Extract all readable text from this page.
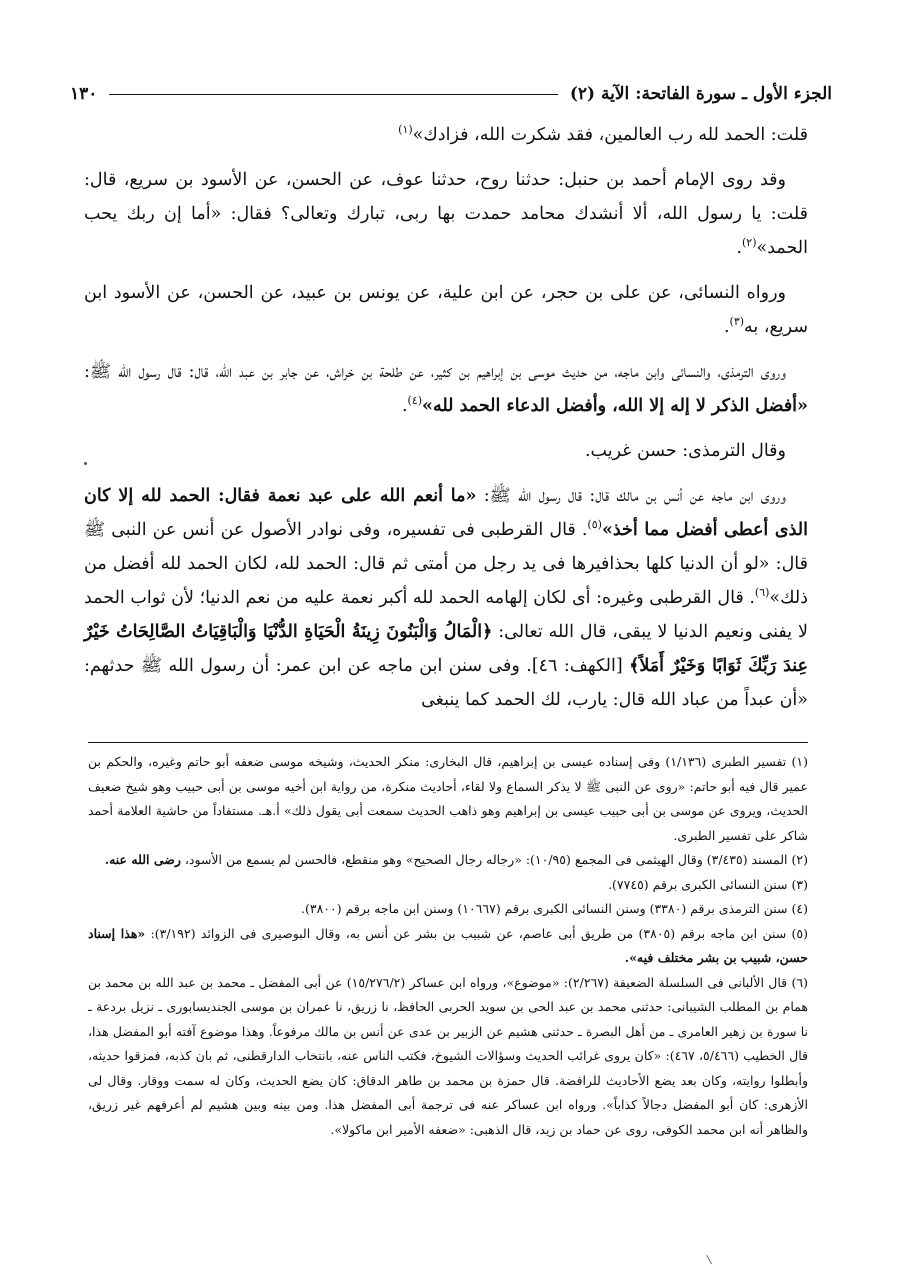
الجزء الأول ـ سورة الفاتحة: الآية (٢)
١٣٠

قلت: الحمد لله رب العالمين، فقد شكرت الله، فزادك»$^{(١)}$

وقد روى الإمام أحمد بن حنبل: حدثنا روح، حدثنا عوف، عن الحسن، عن الأسود بن سريع، قال: قلت: يا رسول الله، ألا أنشدك محامد حمدت بها ربى، تبارك وتعالى؟ فقال: «أما إن ربك يحب الحمد»$^{(٢)}$.

ورواه النسائى، عن على بن حجر، عن ابن علية، عن يونس بن عبيد، عن الحسن، عن الأسود ابن سريع، به$^{(٣)}$.

وروى الترمذى، والنسائى وابن ماجه، من حديث موسى بن إبراهيم بن كثير، عن طلحة بن خراش، عن جابر بن عبد الله، قال: قال رسول الله ﷺ: «أفضل الذكر لا إله إلا الله، وأفضل الدعاء الحمد لله»$^{(٤)}$.

وقال الترمذى: حسن غريب.

وروى ابن ماجه عن أنس بن مالك قال: قال رسول الله ﷺ: «ما أنعم الله على عبد نعمة فقال: الحمد لله إلا كان الذى أعطى أفضل مما أخذ»$^{(٥)}$. قال القرطبى فى تفسيره، وفى نوادر الأصول عن أنس عن النبى ﷺ قال: «لو أن الدنيا كلها بحذافيرها فى يد رجل من أمتى ثم قال: الحمد لله، لكان الحمد لله أفضل من ذلك»$^{(٦)}$. قال القرطبى وغيره: أى لكان إلهامه الحمد لله أكبر نعمة عليه من نعم الدنيا؛ لأن ثواب الحمد لا يفنى ونعيم الدنيا لا يبقى، قال الله تعالى: ﴿الْمَالُ وَالْبَنُونَ زِينَةُ الْحَيَاةِ الدُّنْيَا وَالْبَاقِيَاتُ الصَّالِحَاتُ خَيْرٌ عِندَ رَبِّكَ ثَوَابًا وَخَيْرٌ أَمَلاً﴾ [الكهف: ٤٦]. وفى سنن ابن ماجه عن ابن عمر: أن رسول الله ﷺ حدثهم: «أن عبداً من عباد الله قال: يارب، لك الحمد كما ينبغى

(١) تفسير الطبرى (١/١٣٦) وفى إسناده عيسى بن إبراهيم، قال البخارى: منكر الحديث، وشيخه موسى ضعفه أبو حاتم وغيره، والحكم بن عمير قال فيه أبو حاتم: «روى عن النبى ﷺ لا يذكر السماع ولا لقاء، أحاديث منكرة، من رواية ابن أخيه موسى بن أبى حبيب وهو شيخ ضعيف الحديث، ويروى عن موسى بن أبى حبيب عيسى بن إبراهيم وهو ذاهب الحديث سمعت أبى يقول ذلك» أ.هـ. مستفاداً من حاشية العلامة أحمد شاكر على تفسير الطبرى.

(٢) المسند (٣/٤٣٥) وقال الهيثمى فى المجمع (١٠/٩٥): «رجاله رجال الصحيح» وهو منقطع، فالحسن لم يسمع من الأسود، رضى الله عنه.

(٣) سنن النسائى الكبرى برقم (٧٧٤٥).

(٤) سنن الترمذى برقم (٣٣٨٠) وسنن النسائى الكبرى برقم (١٠٦٦٧) وسنن ابن ماجه برقم (٣٨٠٠).

(٥) سنن ابن ماجه برقم (٣٨٠٥) من طريق أبى عاصم، عن شبيب بن بشر عن أنس به، وقال البوصيرى فى الزوائد (٣/١٩٢): «هذا إسناد حسن، شبيب بن بشر مختلف فيه».

(٦) قال الألبانى فى السلسلة الضعيفة (٢/٢٦٧): «موضوع»، ورواه ابن عساكر (١٥/٢٧٦/٢) عن أبى المفضل ـ محمد بن عبد الله بن محمد بن همام بن المطلب الشيبانى: حدثنى محمد بن عبد الحى بن سويد الحربى الحافظ، نا زريق، نا عمران بن موسى الجنديسابورى ـ نزيل بردعة ـ نا سورة بن زهير العامرى ـ من أهل البصرة ـ حدثنى هشيم عن الزبير بن عدى عن أنس بن مالك مرفوعاً. وهذا موضوع آفته أبو المفضل هذا، قال الخطيب (٥/٤٦٦، ٤٦٧): «كان يروى غرائب الحديث وسؤالات الشيوخ، فكتب الناس عنه، بانتخاب الدارقطنى، ثم بان كذبه، فمزقوا حديثه، وأبطلوا روايته، وكان بعد يضع الأحاديث للرافضة. قال حمزة بن محمد بن طاهر الدقاق: كان يضع الحديث، وكان له سمت ووقار. وقال لى الأزهرى: كان أبو المفضل دجالاً كذاباً». ورواه ابن عساكر عنه فى ترجمة أبى المفضل هذا. ومن بينه وبين هشيم لم أعرفهم غير زريق، والظاهر أنه ابن محمد الكوفى، روى عن حماد بن زيد، قال الذهبى: «ضعفه الأمير ابن ماكولا».
